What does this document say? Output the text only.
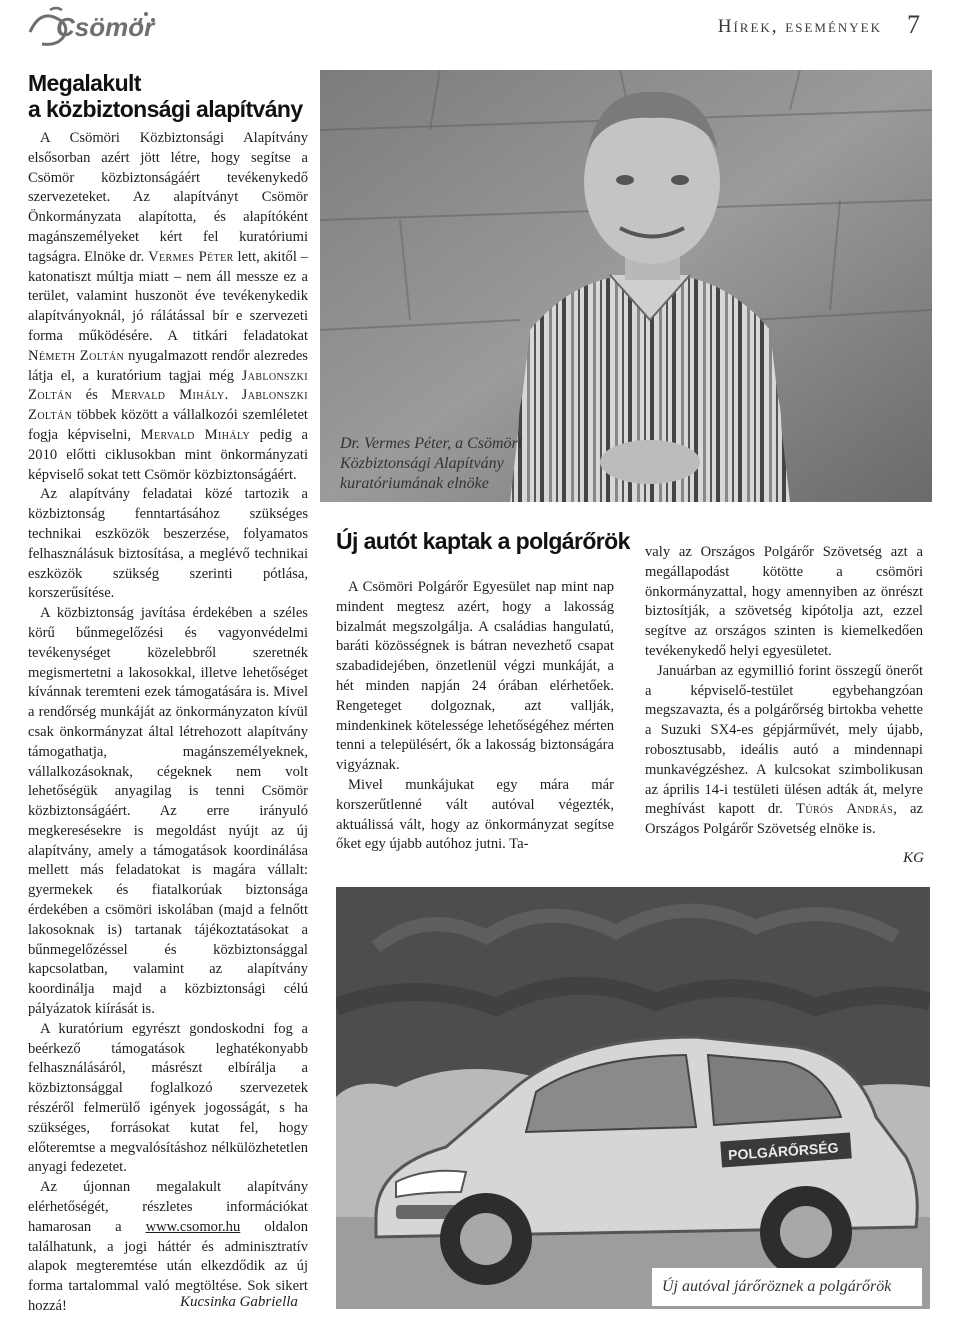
Csömör	Hírek, események 7
Megalakult
a közbiztonsági alapítvány

A Csömöri Közbiztonsági Alapítvány elsősorban azért jött létre, hogy segítse a Csömör közbiztonságáért tevékenykedő szervezeteket. Az alapítványt Csömör Önkormányzata alapította, és alapítóként magánszemélyeket kért fel kuratóriumi tagságra. Elnöke dr. Vermes Péter lett, akitől – katonatiszt múltja miatt – nem áll messze ez a terület, valamint huszonöt éve tevékenykedik alapítványoknál, jó rálátással bír e szervezeti forma működésére. A titkári feladatokat Németh Zoltán nyugalmazott rendőr alezredes látja el, a kuratórium tagjai még Jablonszki Zoltán és Mervald Mihály. Jablonszki Zoltán többek között a vállalkozói szemléletet fogja képviselni, Mervald Mihály pedig a 2010 előtti ciklusokban mint önkormányzati képviselő sokat tett Csömör közbiztonságáért.

Az alapítvány feladatai közé tartozik a közbiztonság fenntartásához szükséges technikai eszközök beszerzése, folyamatos felhasználásuk biztosítása, a meglévő technikai eszközök szükség szerinti pótlása, korszerűsítése.

A közbiztonság javítása érdekében a széles körű bűnmegelőzési és vagyonvédelmi tevékenységet közelebbről szeretnék megismertetni a lakosokkal, illetve lehetőséget kívánnak teremteni ezek támogatására is. Mivel a rendőrség munkáját az önkormányzaton kívül csak önkormányzat által létrehozott alapítvány támogathatja, magánszemélyeknek, vállalkozásoknak, cégeknek nem volt lehetőségük anyagilag is tenni Csömör közbiztonságáért. Az erre irányuló megkeresésekre is megoldást nyújt az új alapítvány, amely a támogatások koordinálása mellett más feladatokat is magára vállalt: gyermekek és fiatalkorúak biztonsága érdekében a csömöri iskolában (majd a felnőtt lakosoknak is) tartanak tájékoztatásokat a bűnmegelőzéssel és közbiztonsággal kapcsolatban, valamint az alapítvány koordinálja majd a közbiztonsági célú pályázatok kiírását is.

A kuratórium egyrészt gondoskodni fog a beérkező támogatások leghatékonyabb felhasználásáról, másrészt elbírálja a közbiztonsággal foglalkozó szervezetek részéről felmerülő igények jogosságát, s ha szükséges, forrásokat kutat fel, hogy előteremtse a megvalósításhoz nélkülözhetetlen anyagi fedezetet.

Az újonnan megalakult alapítvány elérhetőségét, részletes információkat hamarosan a www.csomor.hu oldalon találhatunk, a jogi háttér és adminisztratív alapok megteremtése után elkezdődik az új forma tartalommal való megtöltése. Sok sikert hozzá!	Kucsinka Gabriella
Dr. Vermes Péter, a Csömöri Közbiztonsági Alapítvány kuratóriumának elnöke
Új autót kaptak a polgárőrök

A Csömöri Polgárőr Egyesület nap mint nap mindent megtesz azért, hogy a lakosság bizalmát megszolgálja. A családias hangulatú, baráti közösségnek is bátran nevezhető csapat szabadidejében, önzetlenül végzi munkáját, a hét minden napján 24 órában elérhetőek. Rengeteget dolgoznak, azt vallják, mindenkinek kötelessége lehetőségéhez mérten tenni a településért, ők a lakosság biztonságára vigyáznak.

Mivel munkájukat egy mára már korszerűtlenné vált autóval végezték, aktuálissá vált, hogy az önkormányzat segítse őket egy újabb autóhoz jutni. Ta-

valy az Országos Polgárőr Szövetség azt a megállapodást kötötte a csömöri önkormányzattal, hogy amennyiben az önrészt biztosítják, a szövetség kipótolja azt, ezzel segítve az országos szinten is kiemelkedően tevékenykedő helyi egyesületet.

Januárban az egymillió forint összegű önerőt a képviselő-testület egybehangzóan megszavazta, és a polgárőrség birtokba vehette a Suzuki SX4-es gépjárművét, mely újabb, robosztusabb, ideális autó a mindennapi munkavégzéshez. A kulcsokat szimbolikusan az április 14-i testületi ülésen adták át, melyre meghívást kapott dr. Túrós András, az Országos Polgárőr Szövetség elnöke is.

KG
POLGÁRŐRSÉG
Új autóval járőröznek a polgárőrök
